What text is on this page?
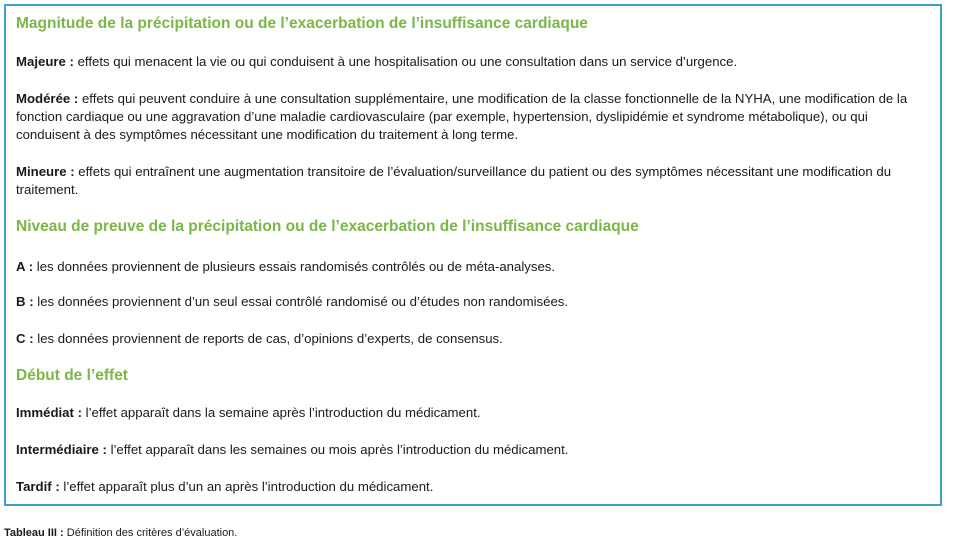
Magnitude de la précipitation ou de l’exacerbation de l’insuffisance cardiaque
Majeure : effets qui menacent la vie ou qui conduisent à une hospitalisation ou une consultation dans un service d’urgence.
Modérée : effets qui peuvent conduire à une consultation supplémentaire, une modification de la classe fonctionnelle de la NYHA, une modification de la fonction cardiaque ou une aggravation d’une maladie cardiovasculaire (par exemple, hypertension, dyslipidémie et syndrome métabolique), ou qui conduisent à des symptômes nécessitant une modification du traitement à long terme.
Mineure : effets qui entraînent une augmentation transitoire de l’évaluation/surveillance du patient ou des symptômes nécessitant une modification du traitement.
Niveau de preuve de la précipitation ou de l’exacerbation de l’insuffisance cardiaque
A : les données proviennent de plusieurs essais randomisés contrôlés ou de méta-analyses.
B : les données proviennent d’un seul essai contrôlé randomisé ou d’études non randomisées.
C : les données proviennent de reports de cas, d’opinions d’experts, de consensus.
Début de l’effet
Immédiat : l’effet apparaît dans la semaine après l’introduction du médicament.
Intermédiaire : l’effet apparaît dans les semaines ou mois après l’introduction du médicament.
Tardif : l’effet apparaît plus d’un an après l’introduction du médicament.
Tableau III : Définition des critères d’évaluation.
